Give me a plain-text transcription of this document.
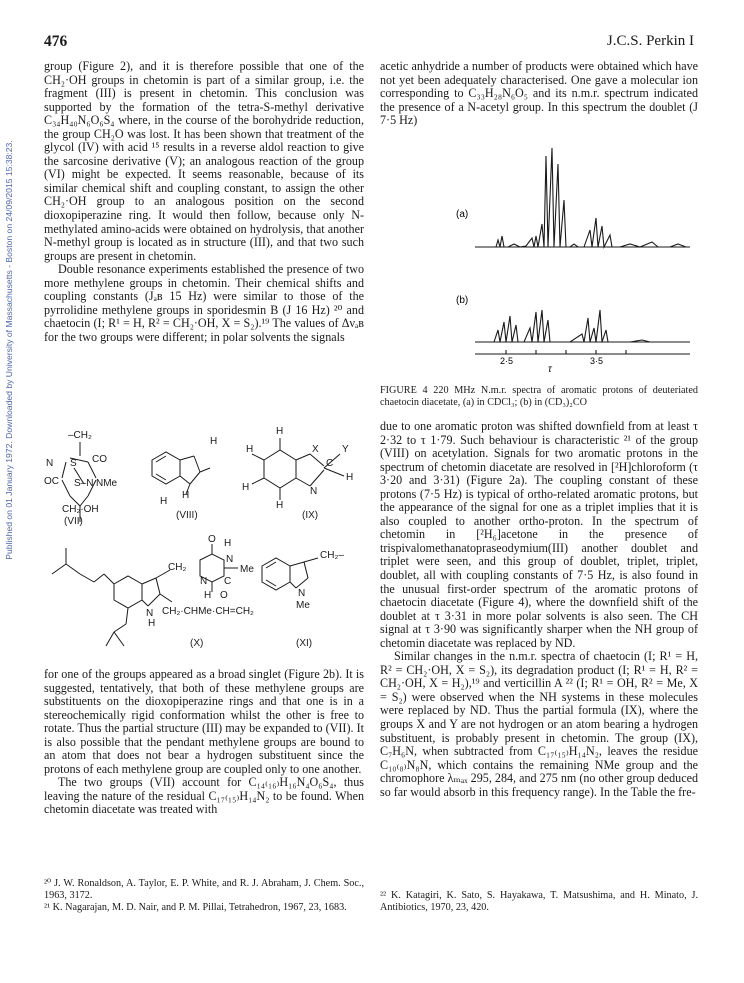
Published on 01 January 1972. Downloaded by University of Massachusetts - Boston on 24/09/2015 15:38:23.
476	J.C.S. Perkin I

group (Figure 2), and it is therefore possible that one of the CH₂·OH groups in chetomin is part of a similar group, i.e. the fragment (III) is present in chetomin. This conclusion was supported by the formation of the tetra-S-methyl derivative C₃₄H₄₀N₆O₆S₄ where, in the course of the borohydride reduction, the group CH₂O was lost. It has been shown that treatment of the glycol (IV) with acid ¹⁵ results in a reverse aldol reaction to give the sarcosine derivative (V); an analogous reaction of the group (VI) might be expected. It seems reasonable, because of its similar chemical shift and coupling constant, to assign the other CH₂·OH group to an analogous position on the second dioxopiperazine ring. It would then follow, because only N-methylated amino-acids were obtained on hydrolysis, that another N-methyl group is located as in structure (III), and that two such groups are present in chetomin.

Double resonance experiments established the presence of two more methylene groups in chetomin. Their chemical shifts and coupling constants (Jₐʙ 15 Hz) were similar to those of the pyrrolidine methylene groups in sporidesmin B (J 16 Hz) ²⁰ and chaetocin (I; R¹ = H, R² = CH₂·OH, X = S₂).¹⁹ The values of Δνₐʙ for the two groups were different; in polar solvents the signals

acetic anhydride a number of products were obtained which have not yet been adequately characterised. One gave a molecular ion corresponding to C₃₃H₂₈N₆O₅ and its n.m.r. spectrum indicated the presence of a N-acetyl group. In this spectrum the doublet (J 7·5 Hz)

(a)
(b)
2·5	3·5
τ
FIGURE 4 220 MHz N.m.r. spectra of aromatic protons of deuteriated chaetocin diacetate, (a) in CDCl₃; (b) in (CD₃)₂CO
–CH₂
N S CO
OC S–N NMe
CH₂·OH
(VII)
H
H
H
(VIII)
H
H
H
X
C
Y
H
N
H
(IX)
O H
CH₂
N
Me
N C
H O
N
H
CH₂·CHMe·CH=CH₂
(X)
CH₂–
N
Me
(XI)

for one of the groups appeared as a broad singlet (Figure 2b). It is suggested, tentatively, that both of these methylene groups are substituents on the dioxopiperazine rings and that one is in a stereochemically rigid conformation whilst the other is free to rotate. Thus the partial structure (III) may be expanded to (VII). It is also possible that the pendant methylene groups are bound to an atom that does not bear a hydrogen substituent since the protons of each methylene group are coupled only to one another.

The two groups (VII) account for C₁₄₍₁₆₎H₁₆N₄O₆S₄, thus leaving the nature of the residual C₁₇₍₁₅₎H₁₄N₂ to be found. When chetomin diacetate was treated with

due to one aromatic proton was shifted downfield from at least τ 2·32 to τ 1·79. Such behaviour is characteristic ²¹ of the group (VIII) on acetylation. Signals for two aromatic protons in the spectrum of chetomin diacetate are resolved in [²H]chloroform (τ 3·20 and 3·31) (Figure 2a). The coupling constant of these protons (7·5 Hz) is typical of ortho-related aromatic protons, but the appearance of the signal for one as a triplet implies that it is also coupled to another ortho-proton. In the spectrum of chetomin in [²H₆]acetone in the presence of trispivalomethanatopraseodymium(III) another doublet and triplet were seen, and this group of doublet, triplet, triplet, doublet, all with coupling constants of 7·5 Hz, is also found in the unusual first-order spectrum of the aromatic protons of chaetocin diacetate (Figure 4), where the downfield shift of the doublet at τ 3·31 in more polar solvents is also seen. The CH signal at τ 3·90 was significantly sharper when the NH group of chetomin diacetate was replaced by ND.

Similar changes in the n.m.r. spectra of chaetocin (I; R¹ = H, R² = CH₂·OH, X = S₂), its degradation product (I; R¹ = H, R² = CH₂·OH, X = H₂),¹⁹ and verticillin A ²² (I; R¹ = OH, R² = Me, X = S₂) were observed when the NH systems in these molecules were replaced by ND. Thus the partial formula (IX), where the groups X and Y are not hydrogen or an atom bearing a hydrogen substituent, is probably present in chetomin. The group (IX), C₇H₆N, when subtracted from C₁₇₍₁₅₎H₁₄N₂, leaves the residue C₁₀₍₈₎N₈N, which contains the remaining NMe group and the chromophore λₘₐₓ 295, 284, and 275 nm (no other group deduced so far would absorb in this frequency range). In the Table the fre-

²⁰ J. W. Ronaldson, A. Taylor, E. P. White, and R. J. Abraham, J. Chem. Soc., 1963, 3172.

²¹ K. Nagarajan, M. D. Nair, and P. M. Pillai, Tetrahedron, 1967, 23, 1683.

²² K. Katagiri, K. Sato, S. Hayakawa, T. Matsushima, and H. Minato, J. Antibiotics, 1970, 23, 420.
